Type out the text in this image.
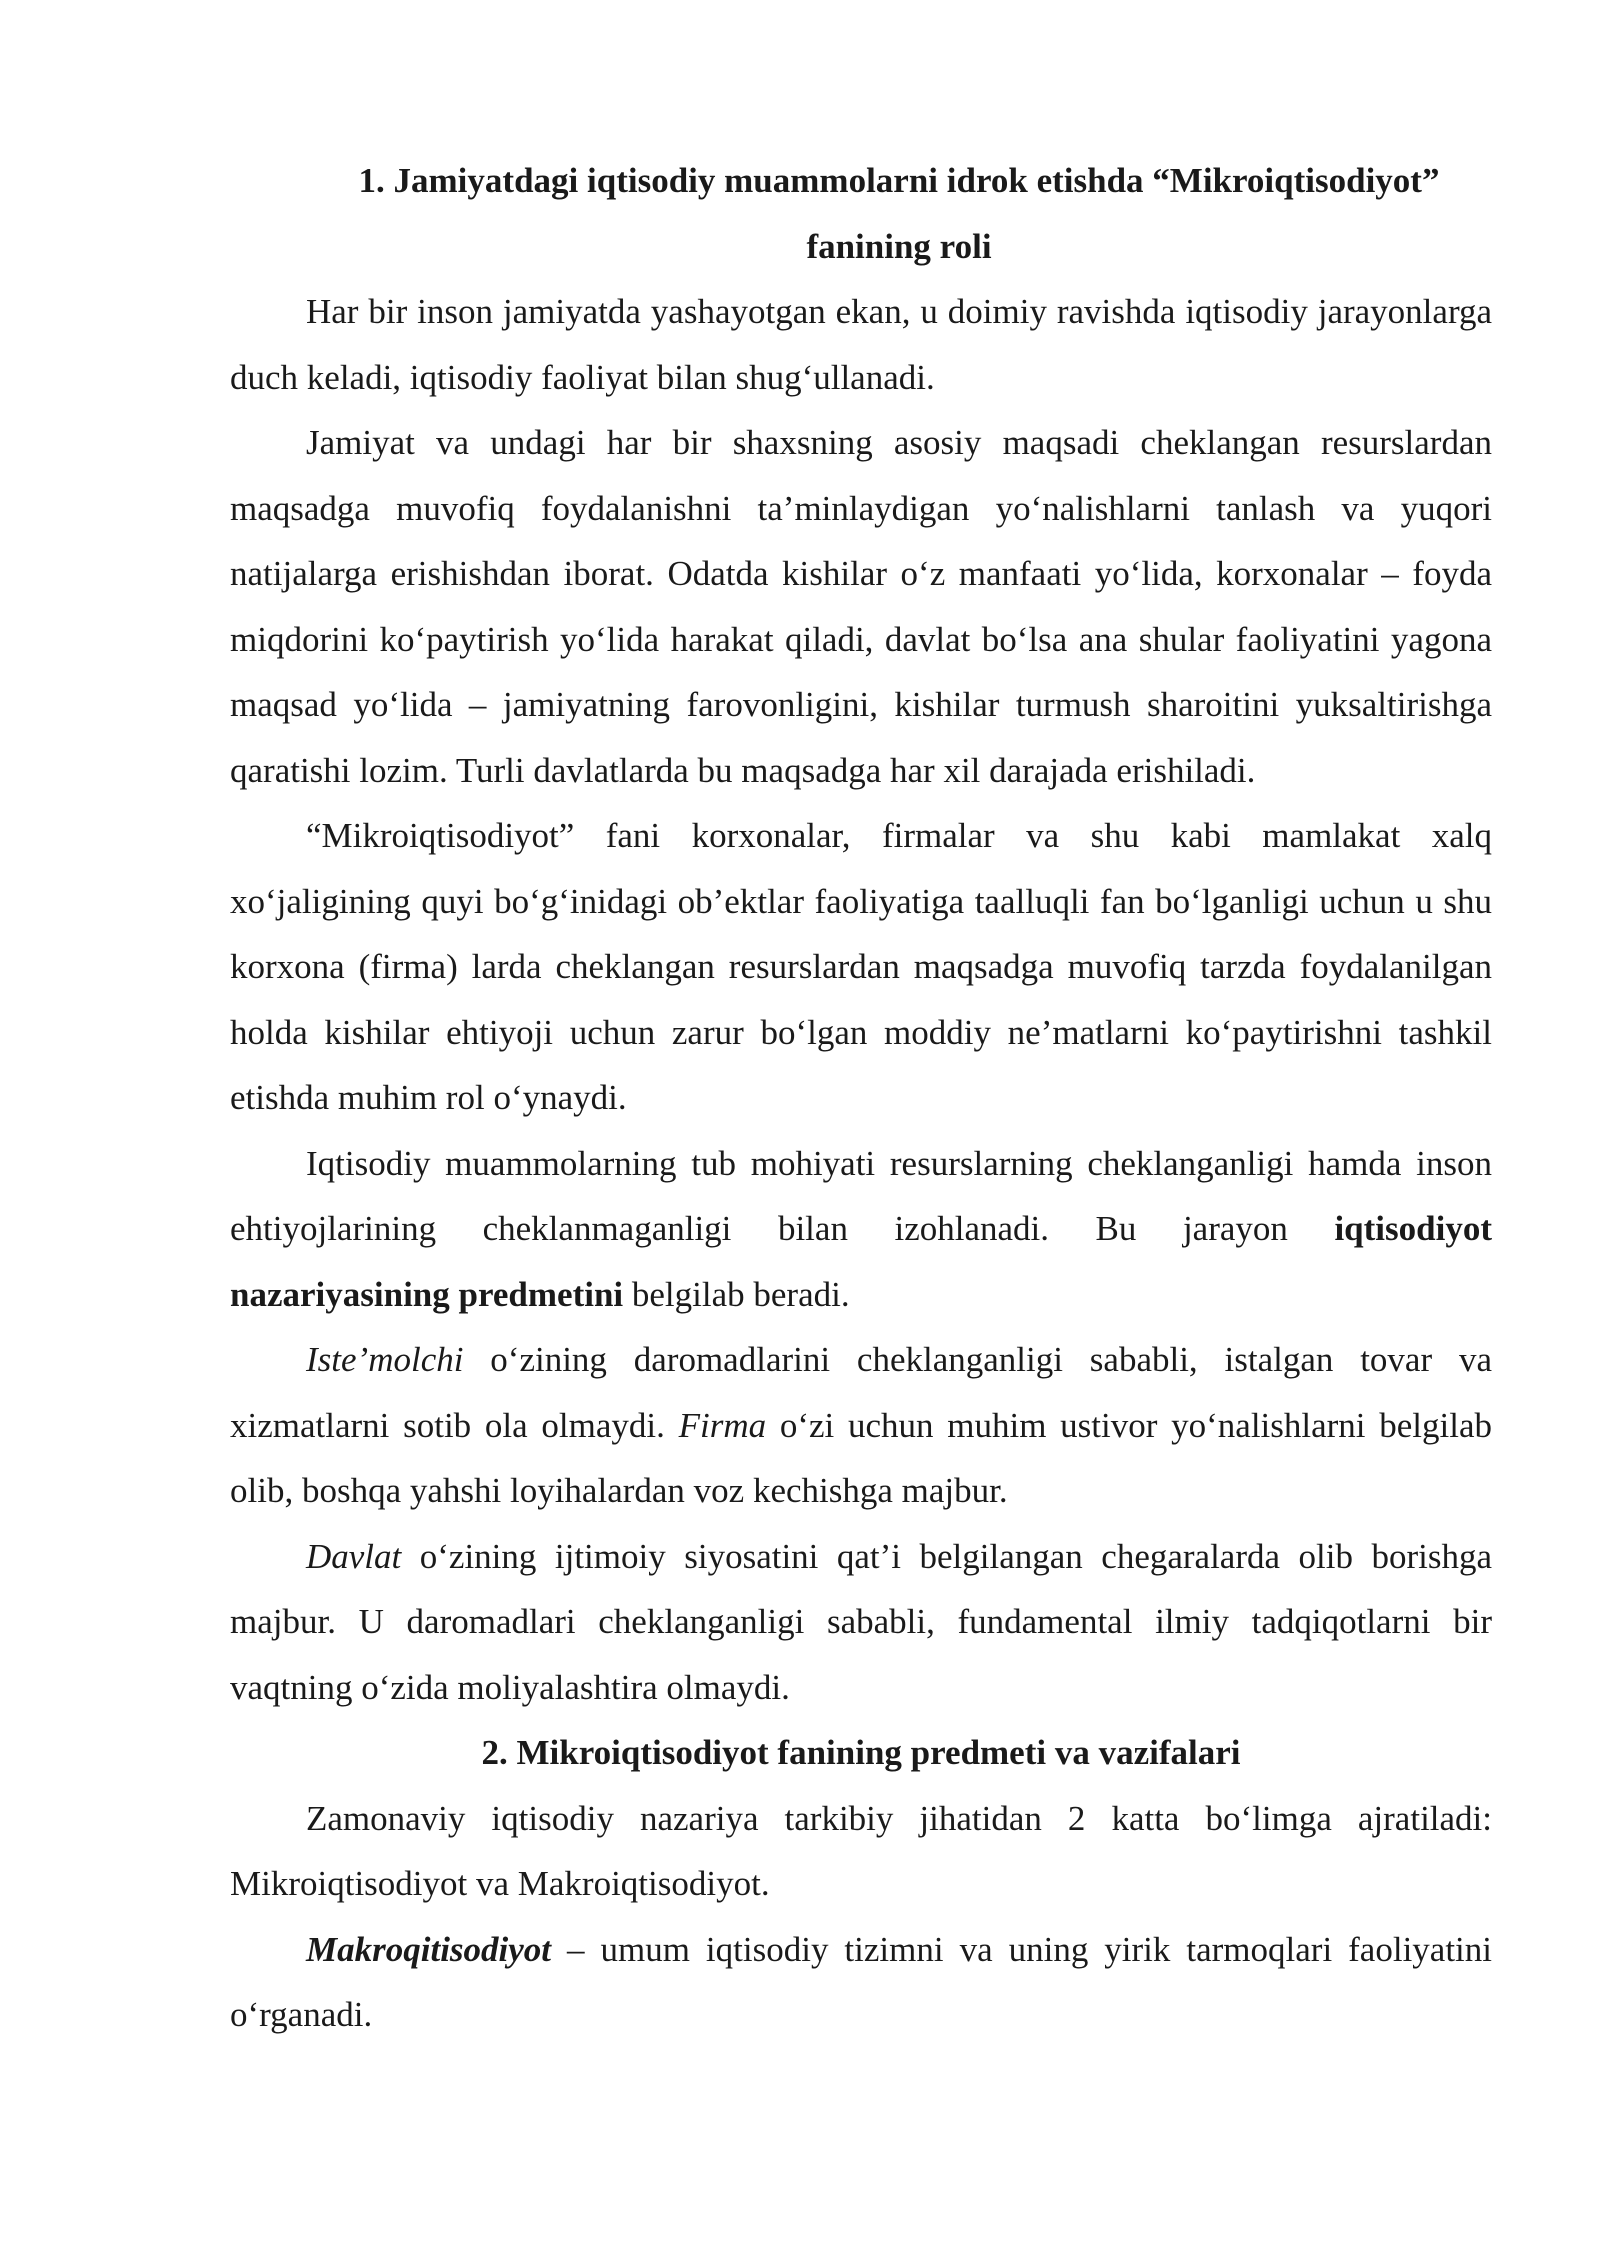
1. Jamiyatdagi iqtisodiy muammolarni idrok etishda “Mikroiqtisodiyot”
fanining roli

Har bir inson jamiyatda yashayotgan ekan, u doimiy ravishda iqtisodiy jarayonlarga duch keladi, iqtisodiy faoliyat bilan shug‘ullanadi.

Jamiyat va undagi har bir shaxsning asosiy maqsadi cheklangan resurslardan maqsadga muvofiq foydalanishni ta’minlaydigan yo‘nalishlarni tanlash va yuqori natijalarga erishishdan iborat. Odatda kishilar o‘z manfaati yo‘lida, korxonalar – foyda miqdorini ko‘paytirish yo‘lida harakat qiladi, davlat bo‘lsa ana shular faoliyatini yagona maqsad yo‘lida – jamiyatning farovonligini, kishilar turmush sharoitini yuksaltirishga qaratishi lozim. Turli davlatlarda bu maqsadga har xil darajada erishiladi.

“Mikroiqtisodiyot” fani korxonalar, firmalar va shu kabi mamlakat xalq xo‘jaligining quyi bo‘g‘inidagi ob’ektlar faoliyatiga taalluqli fan bo‘lganligi uchun u shu korxona (firma) larda cheklangan resurslardan maqsadga muvofiq tarzda foydalanilgan holda kishilar ehtiyoji uchun zarur bo‘lgan moddiy ne’matlarni ko‘paytirishni tashkil etishda muhim rol o‘ynaydi.

Iqtisodiy muammolarning tub mohiyati resurslarning cheklanganligi hamda inson ehtiyojlarining cheklanmaganligi bilan izohlanadi. Bu jarayon iqtisodiyot nazariyasining predmetini belgilab beradi.

Iste’molchi o‘zining daromadlarini cheklanganligi sababli, istalgan tovar va xizmatlarni sotib ola olmaydi. Firma o‘zi uchun muhim ustivor yo‘nalishlarni belgilab olib, boshqa yahshi loyihalardan voz kechishga majbur.

Davlat o‘zining ijtimoiy siyosatini qat’i belgilangan chegaralarda olib borishga majbur. U daromadlari cheklanganligi sababli, fundamental ilmiy tadqiqotlarni bir vaqtning o‘zida moliyalashtira olmaydi.

2. Mikroiqtisodiyot fanining predmeti va vazifalari

Zamonaviy iqtisodiy nazariya tarkibiy jihatidan 2 katta bo‘limga ajratiladi: Mikroiqtisodiyot va Makroiqtisodiyot.

Makroqitisodiyot – umum iqtisodiy tizimni va uning yirik tarmoqlari faoliyatini o‘rganadi.
